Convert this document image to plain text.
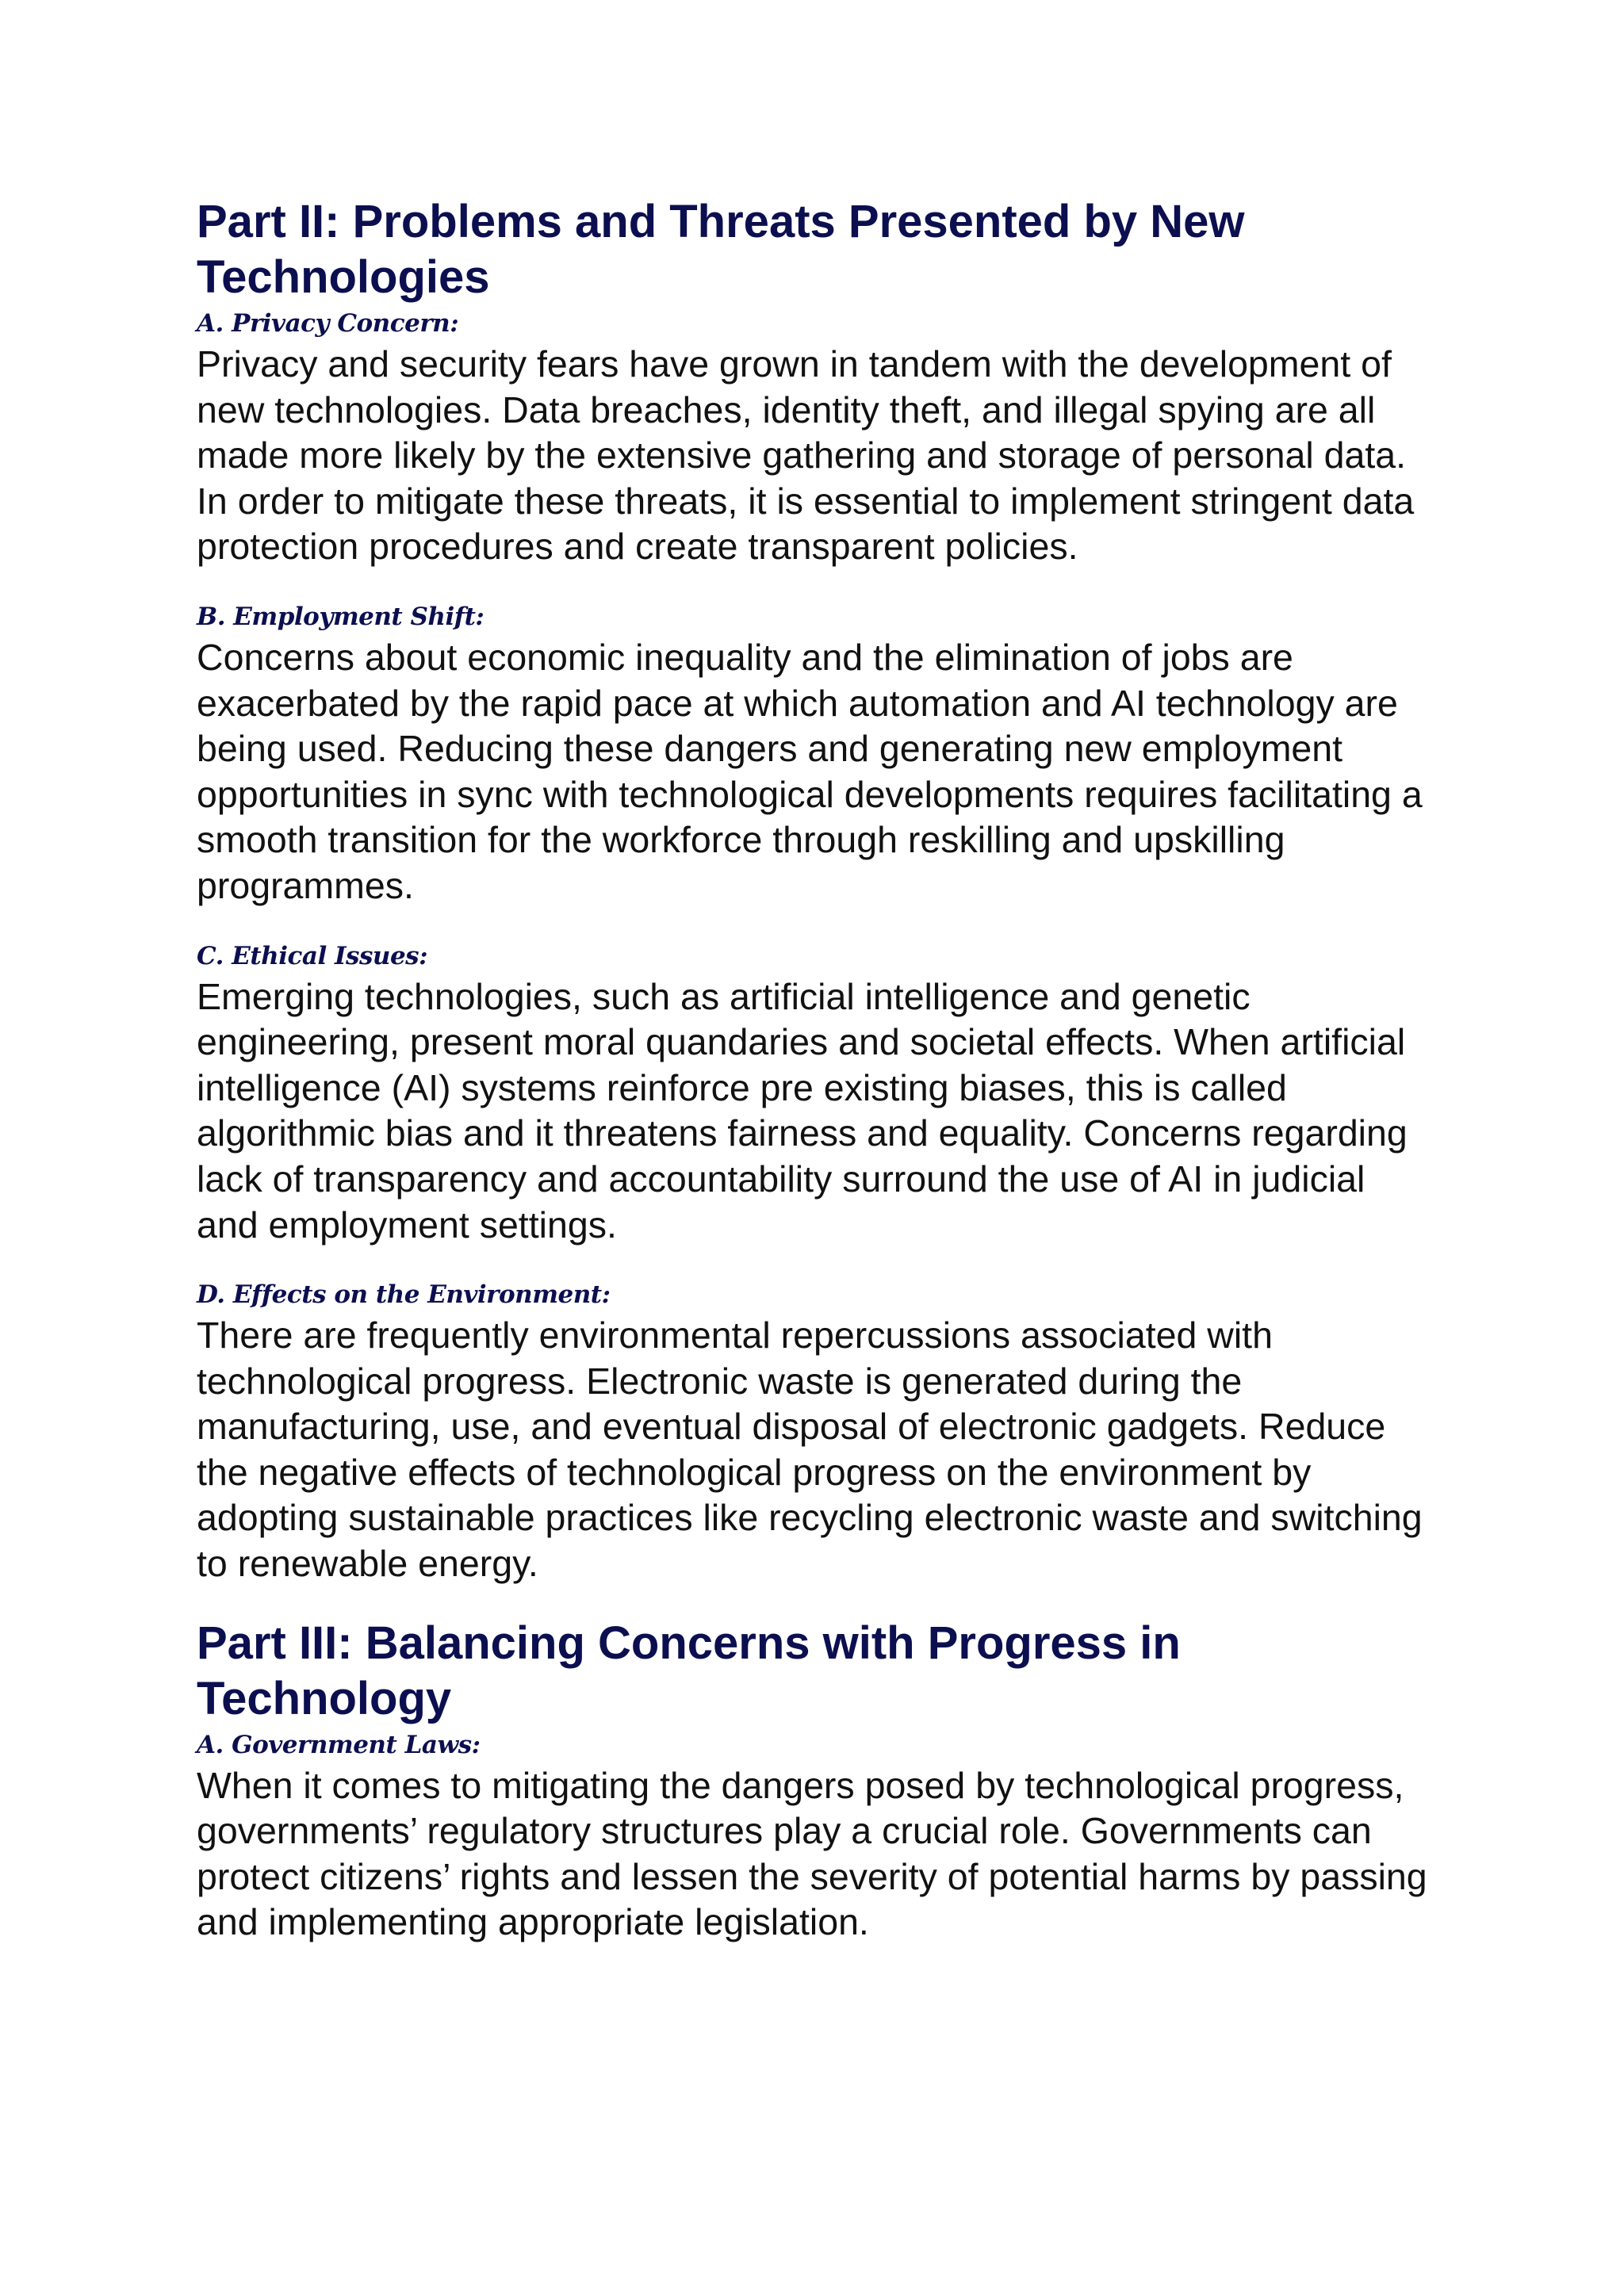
Part II: Problems and Threats Presented by New Technologies
A. Privacy Concern:

Privacy and security fears have grown in tandem with the development of new technologies. Data breaches, identity theft, and illegal spying are all made more likely by the extensive gathering and storage of personal data. In order to mitigate these threats, it is essential to implement stringent data protection procedures and create transparent policies.

B. Employment Shift:

Concerns about economic inequality and the elimination of jobs are exacerbated by the rapid pace at which automation and AI technology are being used. Reducing these dangers and generating new employment opportunities in sync with technological developments requires facilitating a smooth transition for the workforce through reskilling and upskilling programmes.

C. Ethical Issues:

Emerging technologies, such as artificial intelligence and genetic engineering, present moral quandaries and societal effects. When artificial intelligence (AI) systems reinforce pre existing biases, this is called algorithmic bias and it threatens fairness and equality. Concerns regarding lack of transparency and accountability surround the use of AI in judicial and employment settings.

D. Effects on the Environment:

There are frequently environmental repercussions associated with technological progress. Electronic waste is generated during the manufacturing, use, and eventual disposal of electronic gadgets. Reduce the negative effects of technological progress on the environment by adopting sustainable practices like recycling electronic waste and switching to renewable energy.

Part III: Balancing Concerns with Progress in Technology
A. Government Laws:

When it comes to mitigating the dangers posed by technological progress, governments’ regulatory structures play a crucial role. Governments can protect citizens’ rights and lessen the severity of potential harms by passing and implementing appropriate legislation.
